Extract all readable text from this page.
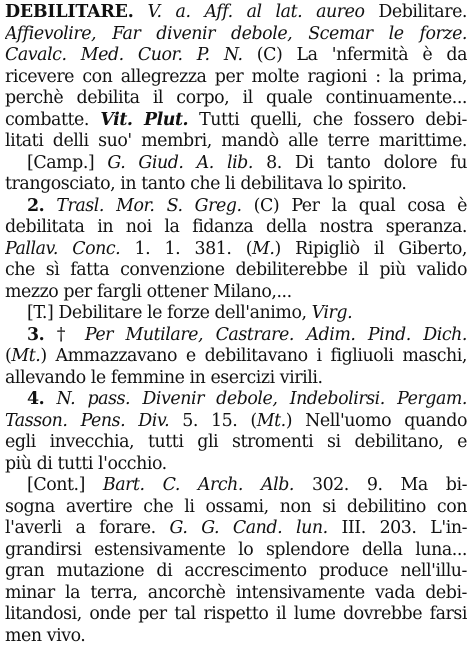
DEBILITARE. V. a. Aff. al lat. aureo Debilitare.
Affievolire, Far divenir debole, Scemar le forze.
Cavalc. Med. Cuor. P. N. (C) La 'nfermità è da
ricevere con allegrezza per molte ragioni : la prima,
perchè debilita il corpo, il quale continuamente...
combatte. Vit. Plut. Tutti quelli, che fossero debi-
litati delli suo' membri, mandò alle terre marittime.
[Camp.] G. Giud. A. lib. 8. Di tanto dolore fu
trangosciato, in tanto che li debilitava lo spirito.
2. Trasl. Mor. S. Greg. (C) Per la qual cosa è
debilitata in noi la fidanza della nostra speranza.
Pallav. Conc. 1. 1. 381. (M.) Ripigliò il Giberto,
che sì fatta convenzione debiliterebbe il più valido
mezzo per fargli ottener Milano,...
[T.] Debilitare le forze dell'animo, Virg.
3. † Per Mutilare, Castrare. Adim. Pind. Dich.
(Mt.) Ammazzavano e debilitavano i figliuoli maschi,
allevando le femmine in esercizi virili.
4. N. pass. Divenir debole, Indebolirsi. Pergam.
Tasson. Pens. Div. 5. 15. (Mt.) Nell'uomo quando
egli invecchia, tutti gli stromenti si debilitano, e
più di tutti l'occhio.
[Cont.] Bart. C. Arch. Alb. 302. 9. Ma bi-
sogna avertire che li ossami, non si debilitino con
l'averli a forare. G. G. Cand. lun. III. 203. L'in-
grandirsi estensivamente lo splendore della luna...
gran mutazione di accrescimento produce nell'illu-
minar la terra, ancorchè intensivamente vada debi-
litandosi, onde per tal rispetto il lume dovrebbe farsi
men vivo.
